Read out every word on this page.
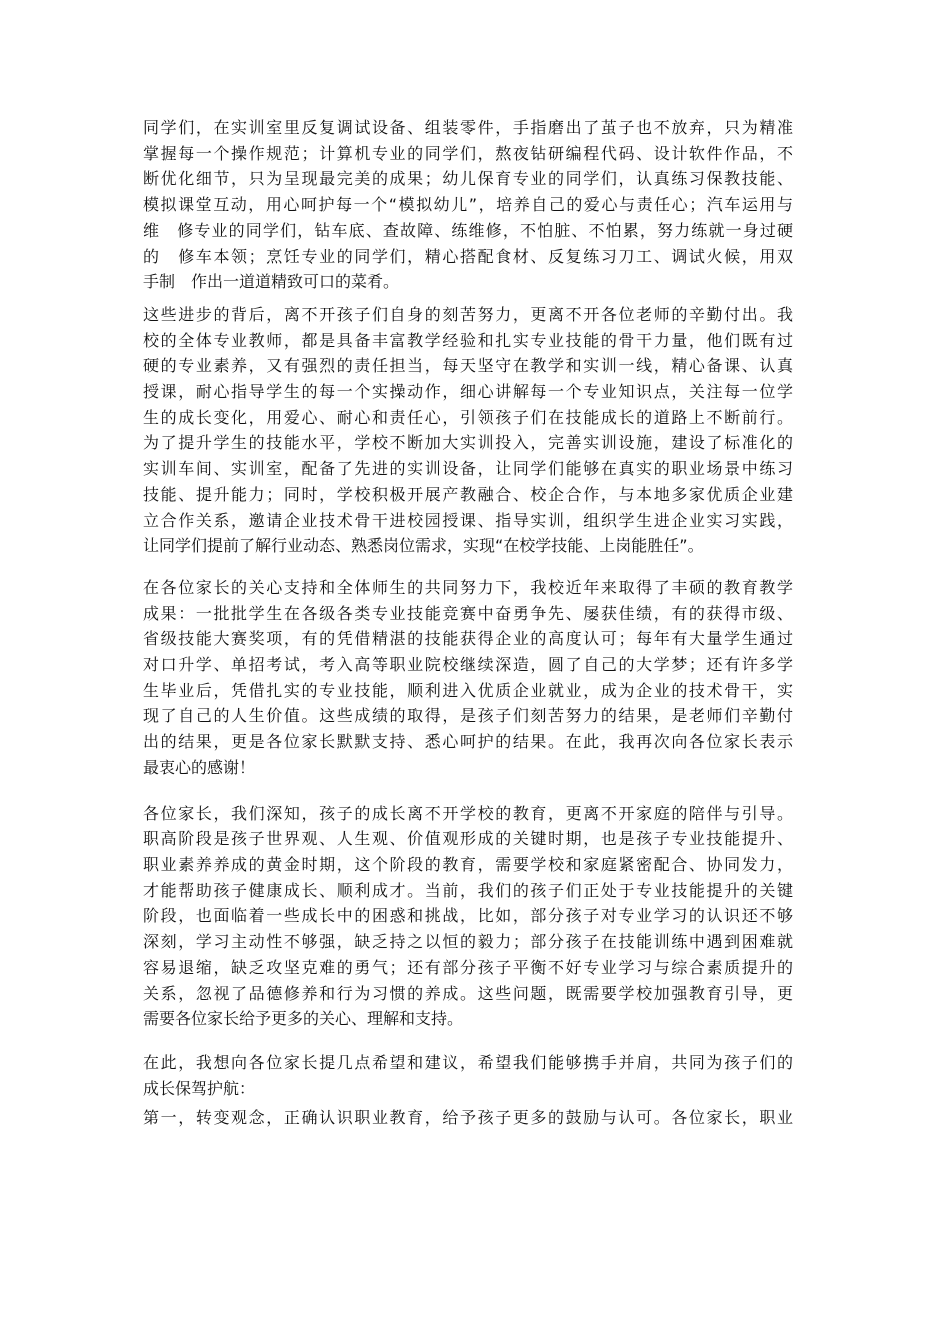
同学们，在实训室里反复调试设备、组装零件，手指磨出了茧子也不放弃，只为精准
掌握每一个操作规范；计算机专业的同学们，熬夜钻研编程代码、设计软件作品，不
断优化细节，只为呈现最完美的成果；幼儿保育专业的同学们，认真练习保教技能、
模拟课堂互动，用心呵护每一个“模拟幼儿”，培养自己的爱心与责任心；汽车运用与
维　修专业的同学们，钻车底、查故障、练维修，不怕脏、不怕累，努力练就一身过硬
的　修车本领；烹饪专业的同学们，精心搭配食材、反复练习刀工、调试火候，用双
手制　作出一道道精致可口的菜肴。

这些进步的背后，离不开孩子们自身的刻苦努力，更离不开各位老师的辛勤付出。我
校的全体专业教师，都是具备丰富教学经验和扎实专业技能的骨干力量，他们既有过
硬的专业素养，又有强烈的责任担当，每天坚守在教学和实训一线，精心备课、认真
授课，耐心指导学生的每一个实操动作，细心讲解每一个专业知识点，关注每一位学
生的成长变化，用爱心、耐心和责任心，引领孩子们在技能成长的道路上不断前行。
为了提升学生的技能水平，学校不断加大实训投入，完善实训设施，建设了标准化的
实训车间、实训室，配备了先进的实训设备，让同学们能够在真实的职业场景中练习
技能、提升能力；同时，学校积极开展产教融合、校企合作，与本地多家优质企业建
立合作关系，邀请企业技术骨干进校园授课、指导实训，组织学生进企业实习实践，
让同学们提前了解行业动态、熟悉岗位需求，实现“在校学技能、上岗能胜任”。

在各位家长的关心支持和全体师生的共同努力下，我校近年来取得了丰硕的教育教学
成果：一批批学生在各级各类专业技能竞赛中奋勇争先、屡获佳绩，有的获得市级、
省级技能大赛奖项，有的凭借精湛的技能获得企业的高度认可；每年有大量学生通过
对口升学、单招考试，考入高等职业院校继续深造，圆了自己的大学梦；还有许多学
生毕业后，凭借扎实的专业技能，顺利进入优质企业就业，成为企业的技术骨干，实
现了自己的人生价值。这些成绩的取得，是孩子们刻苦努力的结果，是老师们辛勤付
出的结果，更是各位家长默默支持、悉心呵护的结果。在此，我再次向各位家长表示
最衷心的感谢！

各位家长，我们深知，孩子的成长离不开学校的教育，更离不开家庭的陪伴与引导。
职高阶段是孩子世界观、人生观、价值观形成的关键时期，也是孩子专业技能提升、
职业素养养成的黄金时期，这个阶段的教育，需要学校和家庭紧密配合、协同发力，
才能帮助孩子健康成长、顺利成才。当前，我们的孩子们正处于专业技能提升的关键
阶段，也面临着一些成长中的困惑和挑战，比如，部分孩子对专业学习的认识还不够
深刻，学习主动性不够强，缺乏持之以恒的毅力；部分孩子在技能训练中遇到困难就
容易退缩，缺乏攻坚克难的勇气；还有部分孩子平衡不好专业学习与综合素质提升的
关系，忽视了品德修养和行为习惯的养成。这些问题，既需要学校加强教育引导，更
需要各位家长给予更多的关心、理解和支持。

在此，我想向各位家长提几点希望和建议，希望我们能够携手并肩，共同为孩子们的
成长保驾护航：

第一，转变观念，正确认识职业教育，给予孩子更多的鼓励与认可。各位家长，职业
